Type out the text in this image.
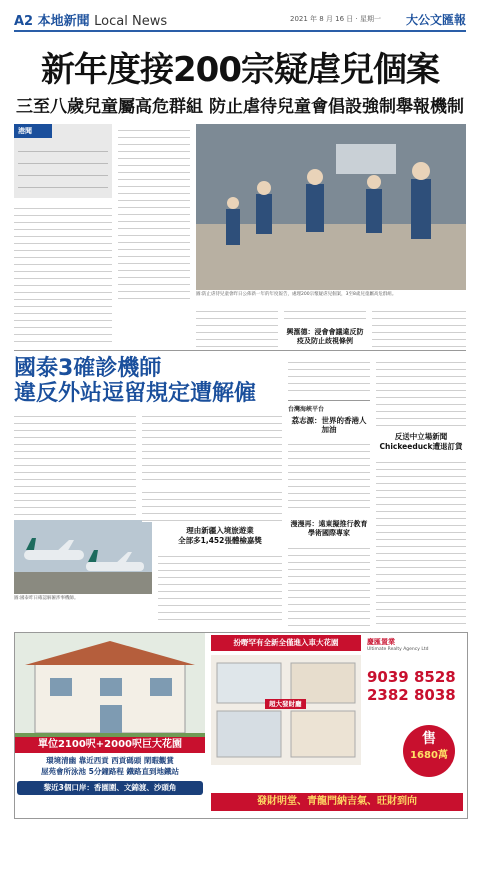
A2 本地新聞 Local News	2021 年 8 月 16 日 · 星期一 大公文匯報
新年度接200宗疑虐兒個案
三至八歲兒童屬高危群組 防止虐待兒童會倡設強制舉報機制
港聞
圖:防止虐待兒童會昨日公佈新一年的年度報告，處理200宗懷疑虐兒個案，3至8歲兒童屬高危群組。
興滙德：浸會會議違反防疫及防止歧視條例
國泰3確診機師
違反外站逗留規定遭解僱
圖:國泰昨日確認解僱涉事機師。
理由新疆入境旅遊業
全部多1,452張體檢嘉獎
台灣海峽平台
荔志源：世界的香港人加油
漫漫再：遠東擬推行教育學術國際專家
反送中立場新聞 Chickeeduck遭退訂貨
單位2100呎+2000呎巨大花園
環境清幽 靠近西貢 西貢碼頭 閑暇觀賞
屋苑會所泳池 5分鐘路程 鐵路直到地鐵站
黎近3個口岸：香園圍、文錦渡、沙頭角
扮嘢罕有全新全僅進入車大花園
超大發財廳
慶匯置業
Ultimate Realty Agency Ltd
9039 8528
2382 8038
售
1680萬
發財明堂、青龍門納吉氣、旺財到向
